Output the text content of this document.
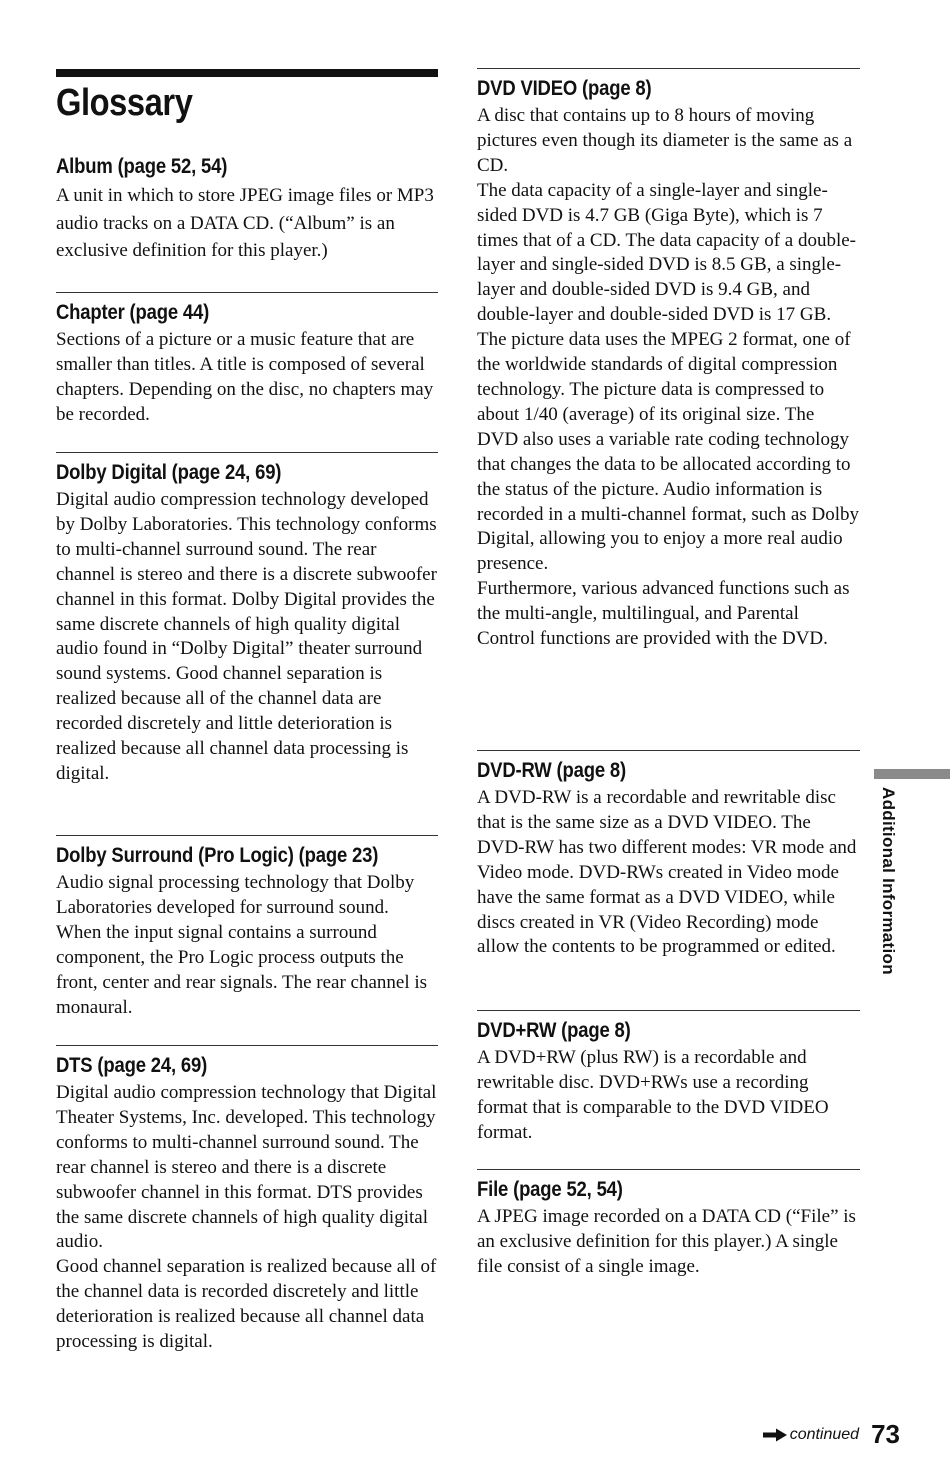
Glossary
Album (page 52, 54)

A unit in which to store JPEG image files or MP3 audio tracks on a DATA CD. (“Album” is an exclusive definition for this player.)

Chapter (page 44)

Sections of a picture or a music feature that are smaller than titles. A title is composed of several chapters. Depending on the disc, no chapters may be recorded.

Dolby Digital (page 24, 69)

Digital audio compression technology developed by Dolby Laboratories. This technology conforms to multi-channel surround sound. The rear channel is stereo and there is a discrete subwoofer channel in this format. Dolby Digital provides the same discrete channels of high quality digital audio found in “Dolby Digital” theater surround sound systems. Good channel separation is realized because all of the channel data are recorded discretely and little deterioration is realized because all channel data processing is digital.

Dolby Surround (Pro Logic) (page 23)

Audio signal processing technology that Dolby Laboratories developed for surround sound. When the input signal contains a surround component, the Pro Logic process outputs the front, center and rear signals. The rear channel is monaural.

DTS (page 24, 69)

Digital audio compression technology that Digital Theater Systems, Inc. developed. This technology conforms to multi-channel surround sound. The rear channel is stereo and there is a discrete subwoofer channel in this format. DTS provides the same discrete channels of high quality digital audio.

Good channel separation is realized because all of the channel data is recorded discretely and little deterioration is realized because all channel data processing is digital.

DVD VIDEO (page 8)

A disc that contains up to 8 hours of moving pictures even though its diameter is the same as a CD.

The data capacity of a single-layer and single-sided DVD is 4.7 GB (Giga Byte), which is 7 times that of a CD. The data capacity of a double-layer and single-sided DVD is 8.5 GB, a single-layer and double-sided DVD is 9.4 GB, and double-layer and double-sided DVD is 17 GB.

The picture data uses the MPEG 2 format, one of the worldwide standards of digital compression technology. The picture data is compressed to about 1/40 (average) of its original size. The DVD also uses a variable rate coding technology that changes the data to be allocated according to the status of the picture. Audio information is recorded in a multi-channel format, such as Dolby Digital, allowing you to enjoy a more real audio presence.

Furthermore, various advanced functions such as the multi-angle, multilingual, and Parental Control functions are provided with the DVD.

DVD-RW (page 8)

A DVD-RW is a recordable and rewritable disc that is the same size as a DVD VIDEO. The DVD-RW has two different modes: VR mode and Video mode. DVD-RWs created in Video mode have the same format as a DVD VIDEO, while discs created in VR (Video Recording) mode allow the contents to be programmed or edited.

DVD+RW (page 8)

A DVD+RW (plus RW) is a recordable and rewritable disc. DVD+RWs use a recording format that is comparable to the DVD VIDEO format.

File (page 52, 54)

A JPEG image recorded on a DATA CD (“File” is an exclusive definition for this player.) A single file consist of a single image.

Additional Information
continued 73
